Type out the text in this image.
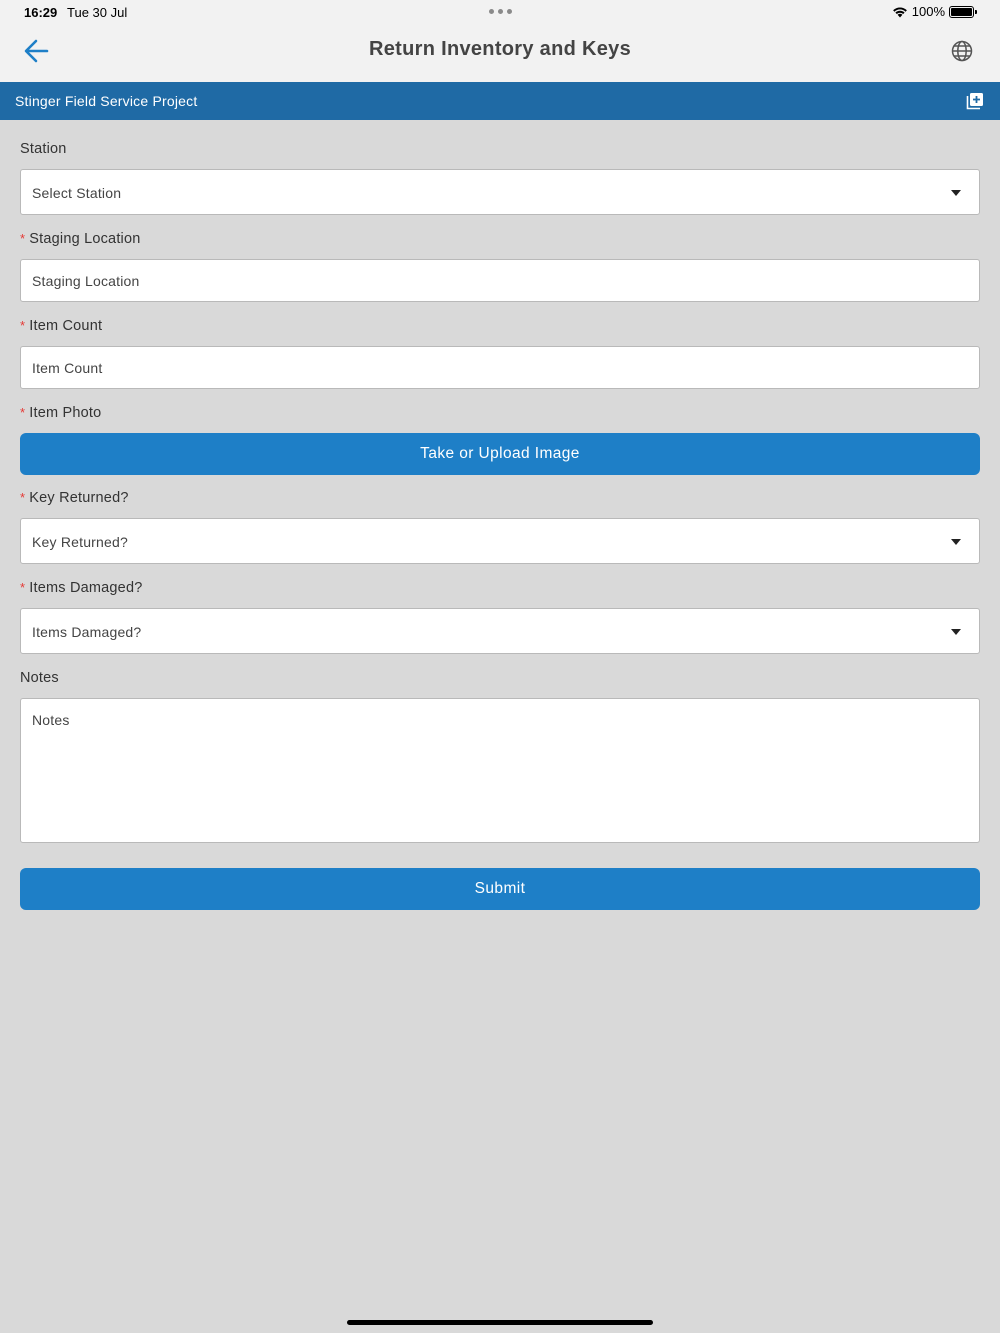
16:29 Tue 30 Jul	100%
Return Inventory and Keys
Stinger Field Service Project
Station
Select Station
* Staging Location
Staging Location
* Item Count
Item Count
* Item Photo
Take or Upload Image
* Key Returned?
Key Returned?
* Items Damaged?
Items Damaged?
Notes
Notes
Submit
